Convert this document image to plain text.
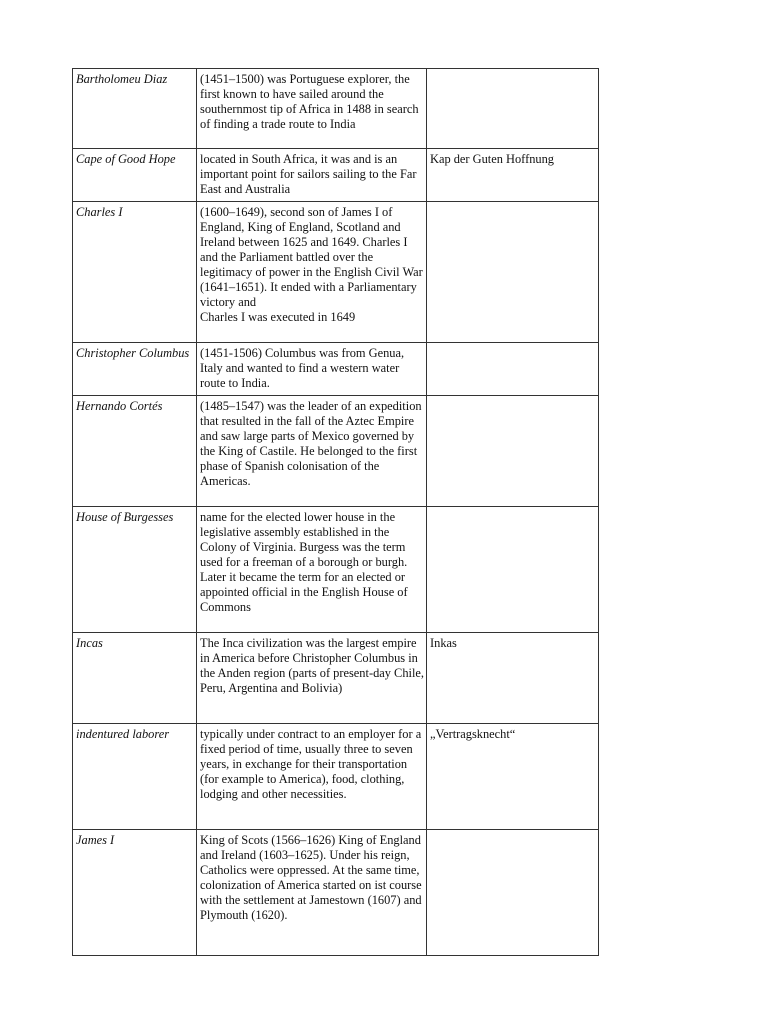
Bartholomeu Diaz	(1451–1500) was Portuguese explorer, the first known to have sailed around the southernmost tip of Africa in 1488 in search of finding a trade route to India	
Cape of Good Hope	located in South Africa, it was and is an important point for sailors sailing to the Far East and Australia	Kap der Guten Hoffnung
Charles I	(1600–1649), second son of James I of England, King of England, Scotland and Ireland between 1625 and 1649. Charles I and the Parliament battled over the legitimacy of power in the English Civil War (1641–1651). It ended with a Parliamentary victory and
Charles I was executed in 1649	
Christopher Columbus	(1451-1506) Columbus was from Genua, Italy and wanted to find a western water route to India.	
Hernando Cortés	(1485–1547) was the leader of an expedition that resulted in the fall of the Aztec Empire and saw large parts of Mexico governed by the King of Castile. He belonged to the first phase of Spanish colonisation of the Americas.	
House of Burgesses	name for the elected lower house in the legislative assembly established in the Colony of Virginia. Burgess was the term used for a freeman of a borough or burgh. Later it became the term for an elected or appointed official in the English House of Commons	
Incas	The Inca civilization was the largest empire in America before Christopher Columbus in the Anden region (parts of present-day Chile, Peru, Argentina and Bolivia)	Inkas
indentured laborer	typically under contract to an employer for a fixed period of time, usually three to seven years, in exchange for their transportation (for example to America), food, clothing, lodging and other necessities.	„Vertragsknecht“
James I	King of Scots (1566–1626) King of England and Ireland (1603–1625). Under his reign, Catholics were oppressed. At the same time, colonization of America started on ist course with the settlement at Jamestown (1607) and Plymouth (1620).	
